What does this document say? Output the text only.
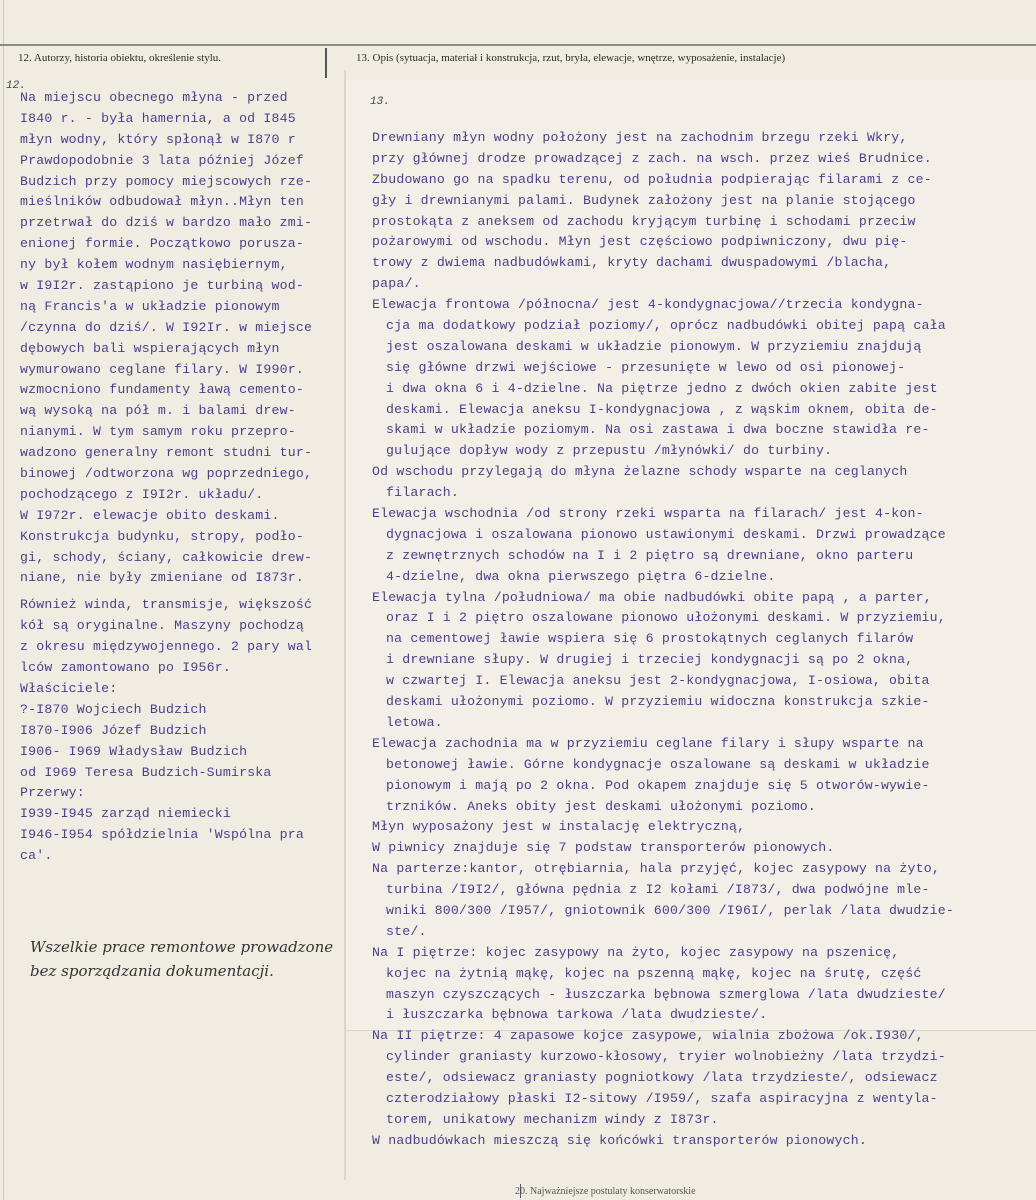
12. Autorzy, historia obiektu, określenie stylu.	13. Opis (sytuacja, materiał i konstrukcja, rzut, bryła, elewacje, wnętrze, wyposażenie, instalacje)
12.
13.
Na miejscu obecnego młyna - przed
I840 r. - była hamernia, a od I845
młyn wodny, który spłonął w I870 r
Prawdopodobnie 3 lata później Józef
Budzich przy pomocy miejscowych rze-
mieślników odbudował młyn..Młyn ten
przetrwał do dziś w bardzo mało zmi-
enionej formie. Początkowo porusza-
ny był kołem wodnym nasiębiernym,
w I9I2r. zastąpiono je turbiną wod-
ną Francis'a w układzie pionowym
/czynna do dziś/. W I92Ir. w miejsce
dębowych bali wspierających młyn
wymurowano ceglane filary. W I990r.
wzmocniono fundamenty ławą cemento-
wą wysoką na pół m. i balami drew-
nianymi. W tym samym roku przepro-
wadzono generalny remont studni tur-
binowej /odtworzona wg poprzedniego,
pochodzącego z I9I2r. układu/.
W I972r. elewacje obito deskami.
Konstrukcja budynku, stropy, podło-
gi, schody, ściany, całkowicie drew-
niane, nie były zmieniane od I873r.
Również winda, transmisje, większość
kół są oryginalne. Maszyny pochodzą
z okresu międzywojennego. 2 pary wal
lców zamontowano po I956r.
Właściciele:
?-I870 Wojciech Budzich
I870-I906 Józef Budzich
I906- I969 Władysław Budzich
od I969 Teresa Budzich-Sumirska
Przerwy:
I939-I945 zarząd niemiecki
I946-I954 spółdzielnia 'Wspólna pra
ca'.
Wszelkie prace remontowe prowadzone
bez sporządzania dokumentacji.
Drewniany młyn wodny położony jest na zachodnim brzegu rzeki Wkry,
przy głównej drodze prowadzącej z zach. na wsch. przez wieś Brudnice.
Zbudowano go na spadku terenu, od południa podpierając filarami z ce-
gły i drewnianymi palami. Budynek założony jest na planie stojącego
prostokąta z aneksem od zachodu kryjącym turbinę i schodami przeciw
pożarowymi od wschodu. Młyn jest częściowo podpiwniczony, dwu pię-
trowy z dwiema nadbudówkami, kryty dachami dwuspadowymi /blacha,
papa/.
Elewacja frontowa /północna/ jest 4-kondygnacjowa//trzecia kondygna-
cja ma dodatkowy podział poziomy/, oprócz nadbudówki obitej papą cała
jest oszalowana deskami w układzie pionowym. W przyziemiu znajdują
się główne drzwi wejściowe - przesunięte w lewo od osi pionowej-
i dwa okna 6 i 4-dzielne. Na piętrze jedno z dwóch okien zabite jest
deskami. Elewacja aneksu I-kondygnacjowa , z wąskim oknem, obita de-
skami w układzie poziomym. Na osi zastawa i dwa boczne stawidła re-
gulujące dopływ wody z przepustu /młynówki/ do turbiny.
Od wschodu przylegają do młyna żelazne schody wsparte na ceglanych
filarach.
Elewacja wschodnia /od strony rzeki wsparta na filarach/ jest 4-kon-
dygnacjowa i oszalowana pionowo ustawionymi deskami. Drzwi prowadzące
z zewnętrznych schodów na I i 2 piętro są drewniane, okno parteru
4-dzielne, dwa okna pierwszego piętra 6-dzielne.
Elewacja tylna /południowa/ ma obie nadbudówki obite papą , a parter,
oraz I i 2 piętro oszalowane pionowo ułożonymi deskami. W przyziemiu,
na cementowej ławie wspiera się 6 prostokątnych ceglanych filarów
i drewniane słupy. W drugiej i trzeciej kondygnacji są po 2 okna,
w czwartej I. Elewacja aneksu jest 2-kondygnacjowa, I-osiowa, obita
deskami ułożonymi poziomo. W przyziemiu widoczna konstrukcja szkie-
letowa.
Elewacja zachodnia ma w przyziemiu ceglane filary i słupy wsparte na
betonowej ławie. Górne kondygnacje oszalowane są deskami w układzie
pionowym i mają po 2 okna. Pod okapem znajduje się 5 otworów-wywie-
trzników. Aneks obity jest deskami ułożonymi poziomo.
Młyn wyposażony jest w instalację elektryczną,
W piwnicy znajduje się 7 podstaw transporterów pionowych.
Na parterze:kantor, otrębiarnia, hala przyjęć, kojec zasypowy na żyto,
turbina /I9I2/, główna pędnia z I2 kołami /I873/, dwa podwójne mle-
wniki 800/300 /I957/, gniotownik 600/300 /I96I/, perlak /lata dwudzie-
ste/.
Na I piętrze: kojec zasypowy na żyto, kojec zasypowy na pszenicę,
kojec na żytnią mąkę, kojec na pszenną mąkę, kojec na śrutę, część
maszyn czyszczących - łuszczarka bębnowa szmerglowa /lata dwudzieste/
i łuszczarka bębnowa tarkowa /lata dwudzieste/.
Na II piętrze: 4 zapasowe kojce zasypowe, wialnia zbożowa /ok.I930/,
cylinder graniasty kurzowo-kłosowy, tryier wolnobieżny /lata trzydzi-
este/, odsiewacz graniasty pogniotkowy /lata trzydzieste/, odsiewacz
czterodziałowy płaski I2-sitowy /I959/, szafa aspiracyjna z wentyla-
torem, unikatowy mechanizm windy z I873r.
W nadbudówkach mieszczą się końcówki transporterów pionowych.
20. Najważniejsze postulaty konserwatorskie
